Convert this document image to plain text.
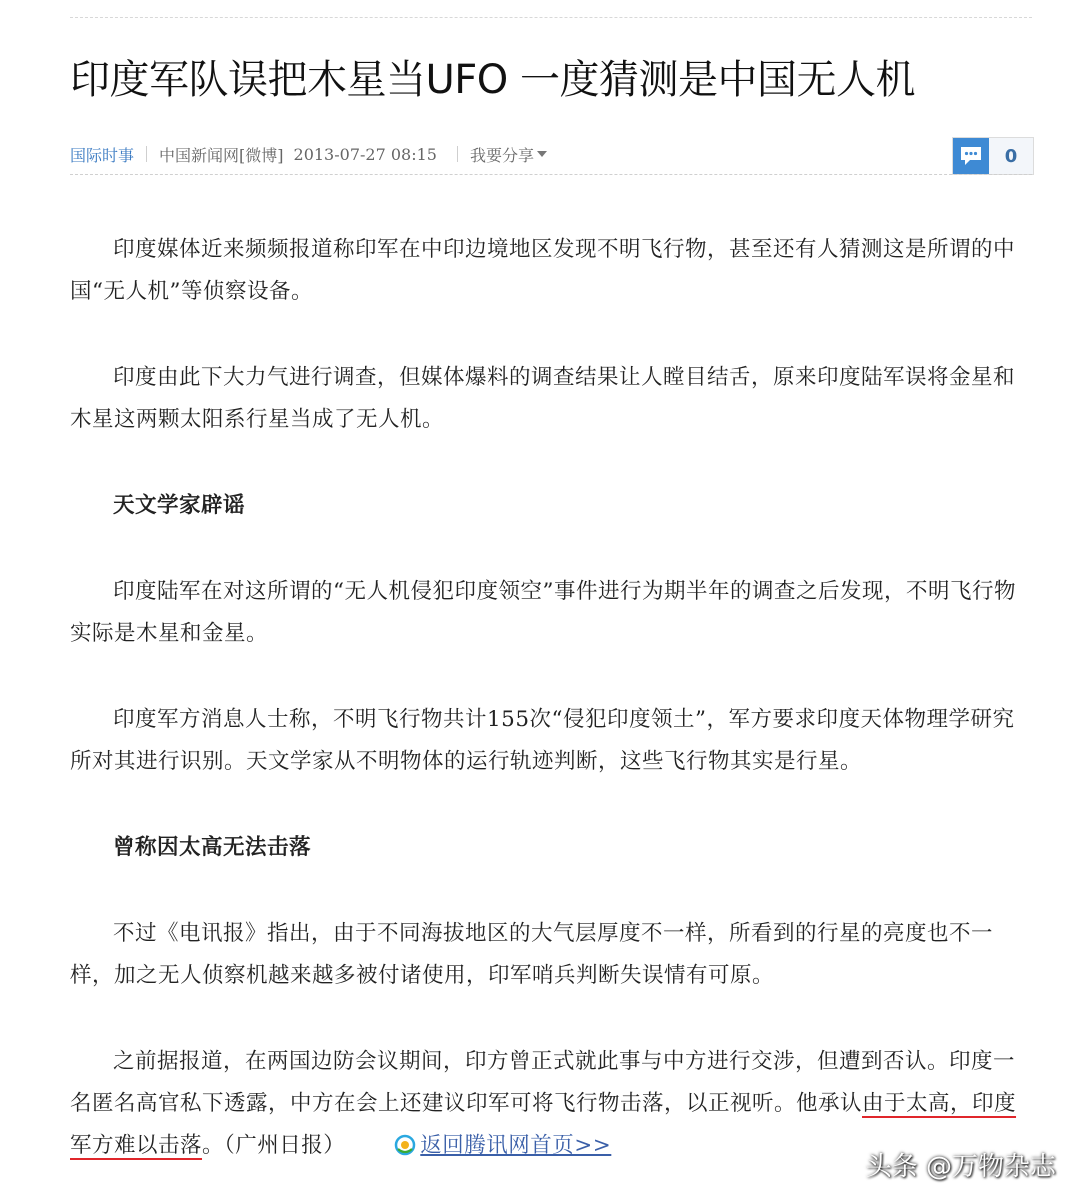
印度军队误把木星当UFO 一度猜测是中国无人机
国际时事 中国新闻网[微博] 2013-07-27 08:15 我要分享	0

印度媒体近来频频报道称印军在中印边境地区发现不明飞行物，甚至还有人猜测这是所谓的中国“无人机”等侦察设备。

印度由此下大力气进行调查，但媒体爆料的调查结果让人瞠目结舌，原来印度陆军误将金星和木星这两颗太阳系行星当成了无人机。

天文学家辟谣

印度陆军在对这所谓的“无人机侵犯印度领空”事件进行为期半年的调查之后发现，不明飞行物实际是木星和金星。

印度军方消息人士称，不明飞行物共计155次“侵犯印度领土”，军方要求印度天体物理学研究所对其进行识别。天文学家从不明物体的运行轨迹判断，这些飞行物其实是行星。

曾称因太高无法击落

不过《电讯报》指出，由于不同海拔地区的大气层厚度不一样，所看到的行星的亮度也不一样，加之无人侦察机越来越多被付诸使用，印军哨兵判断失误情有可原。

之前据报道，在两国边防会议期间，印方曾正式就此事与中方进行交涉，但遭到否认。印度一名匿名高官私下透露，中方在会上还建议印军可将飞行物击落，以正视听。他承认由于太高，印度军方难以击落。（广州日报）	返回腾讯网首页>>

头条 @万物杂志
